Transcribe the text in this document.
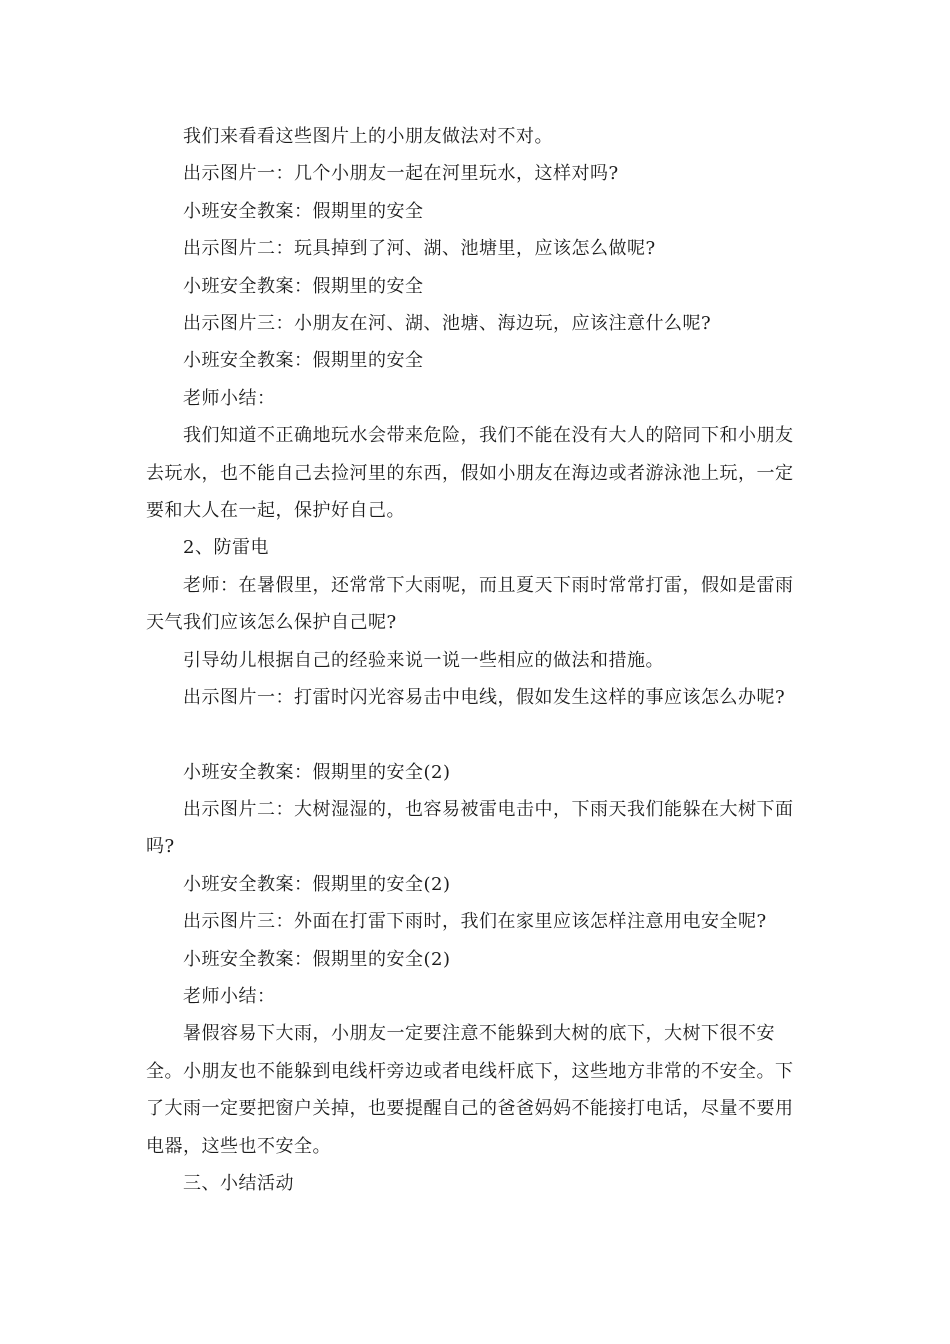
我们来看看这些图片上的小朋友做法对不对。

出示图片一：几个小朋友一起在河里玩水，这样对吗?

小班安全教案：假期里的安全

出示图片二：玩具掉到了河、湖、池塘里，应该怎么做呢?

小班安全教案：假期里的安全

出示图片三：小朋友在河、湖、池塘、海边玩，应该注意什么呢?

小班安全教案：假期里的安全

老师小结：

我们知道不正确地玩水会带来危险，我们不能在没有大人的陪同下和小朋友去玩水，也不能自己去捡河里的东西，假如小朋友在海边或者游泳池上玩，一定要和大人在一起，保护好自己。

2、防雷电

老师：在暑假里，还常常下大雨呢，而且夏天下雨时常常打雷，假如是雷雨天气我们应该怎么保护自己呢?

引导幼儿根据自己的经验来说一说一些相应的做法和措施。

出示图片一：打雷时闪光容易击中电线，假如发生这样的事应该怎么办呢?

小班安全教案：假期里的安全(2)

出示图片二：大树湿湿的，也容易被雷电击中，下雨天我们能躲在大树下面吗?

小班安全教案：假期里的安全(2)

出示图片三：外面在打雷下雨时，我们在家里应该怎样注意用电安全呢?

小班安全教案：假期里的安全(2)

老师小结：

暑假容易下大雨，小朋友一定要注意不能躲到大树的底下，大树下很不安全。小朋友也不能躲到电线杆旁边或者电线杆底下，这些地方非常的不安全。下了大雨一定要把窗户关掉，也要提醒自己的爸爸妈妈不能接打电话，尽量不要用电器，这些也不安全。

三、小结活动
